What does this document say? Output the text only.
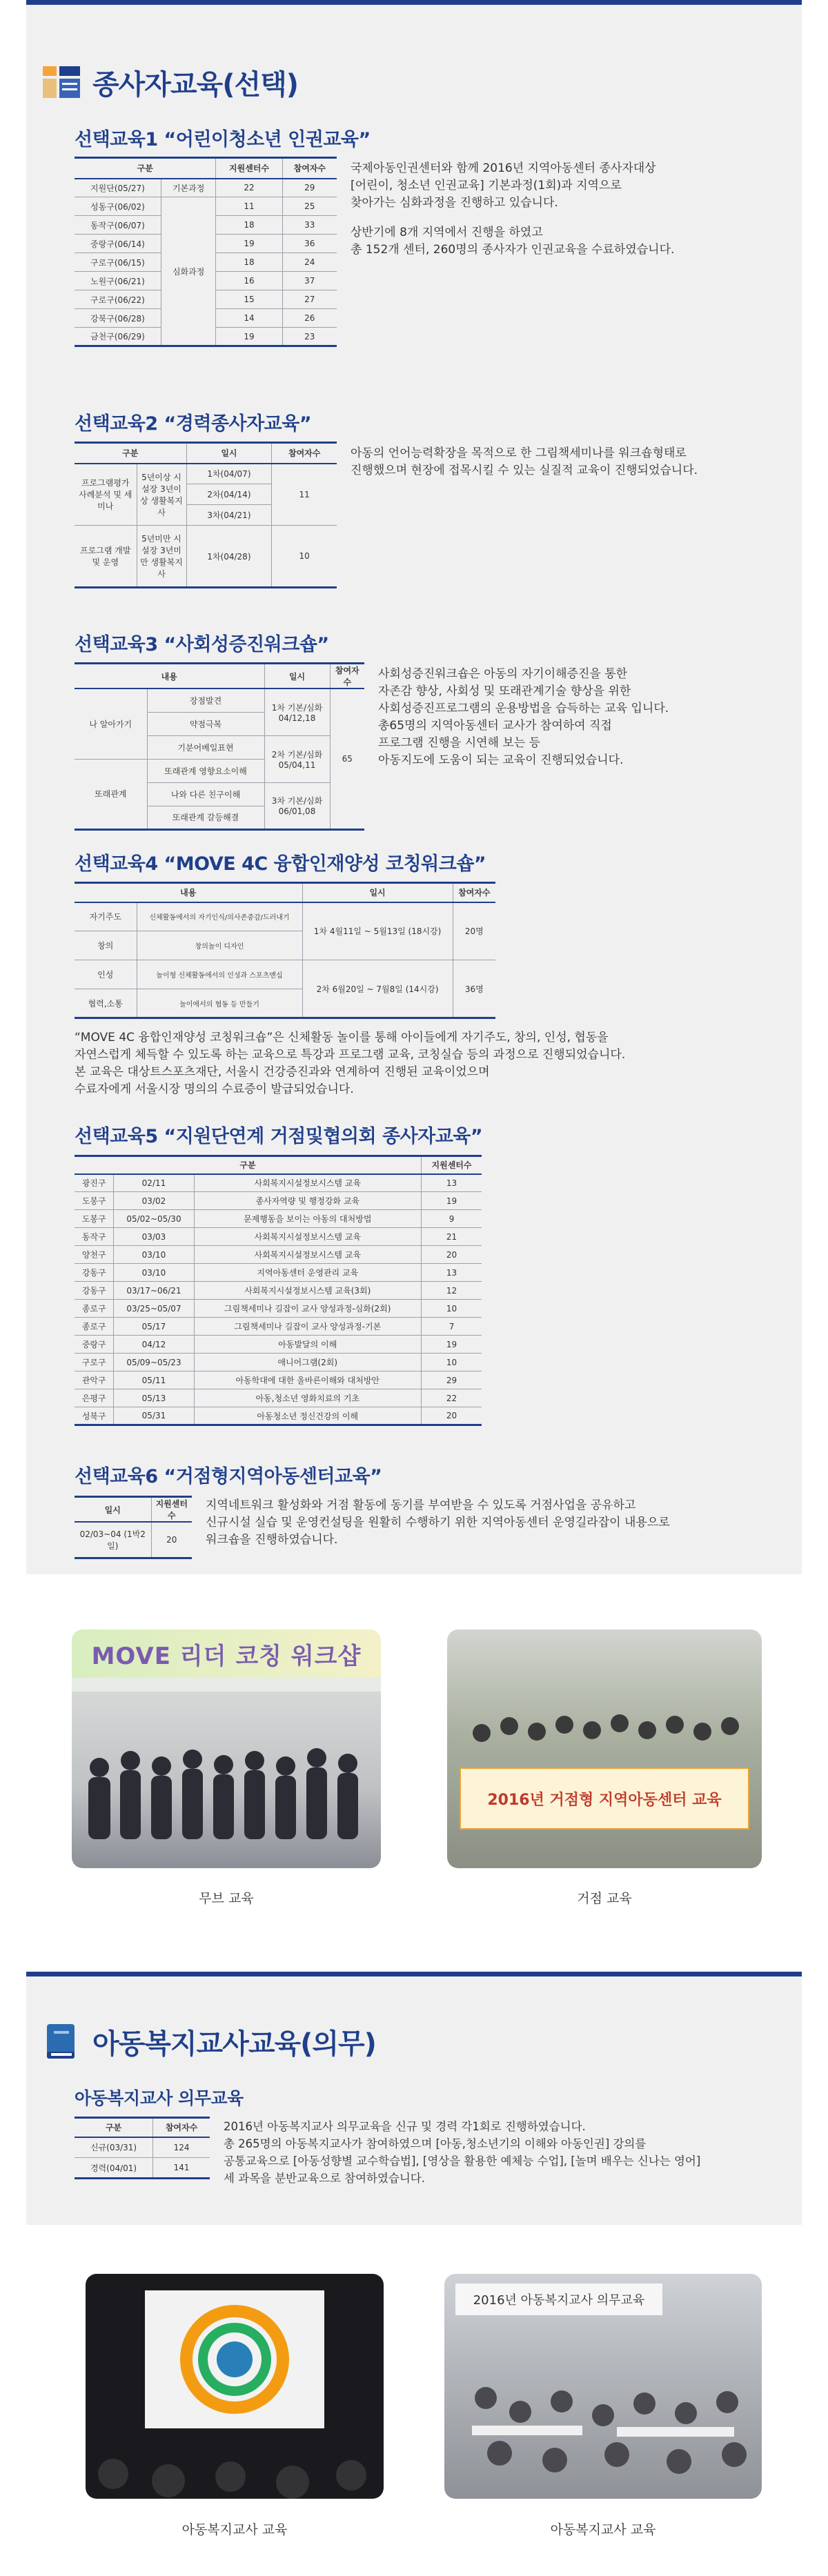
종사자교육(선택)
선택교육1 “어린이청소년 인권교육”
구분		지원센터수	참여자수
지원단(05/27)	기본과정	22	29
성동구(06/02)	심화과정	11	25
동작구(06/07)		18	33
중랑구(06/14)		19	36
구로구(06/15)		18	24
노원구(06/21)		16	37
구로구(06/22)		15	27
강북구(06/28)		14	26
금천구(06/29)		19	23

국제아동인권센터와 함께 2016년 지역아동센터 종사자대상

[어린이, 청소년 인권교육] 기본과정(1회)과 지역으로

찾아가는 심화과정을 진행하고 있습니다.

상반기에 8개 지역에서 진행을 하였고

총 152개 센터, 260명의 종사자가 인권교육을 수료하였습니다.

선택교육2 “경력종사자교육”
구분		일시	참여자수
프로그램평가 사례분석 및 세미나	5년이상 시설장 3년이상 생활복지사	1차(04/07)	11
		2차(04/14)	
		3차(04/21)	
프로그램 개발 및 운영	5년미만 시설장 3년미만 생활복지사	1차(04/28)	10

아동의 언어능력확장을 목적으로 한 그림책세미나를 워크숍형태로

진행했으며 현장에 접목시킬 수 있는 실질적 교육이 진행되었습니다.

선택교육3 “사회성증진워크숍”
내용		일시	참여자수
나 알아가기	장점발견	1차 기본/심화 04/12,18	65
	약점극복		
	기분어베일표현	2차 기본/심화 05/04,11	
또래관계	또래관계 영향요소이해		
	나와 다른 친구이해	3차 기본/심화 06/01,08	
	또래관계 갈등해결		

사회성증진워크숍은 아동의 자기이해증진을 통한

자존감 향상, 사회성 및 또래관계기술 향상을 위한

사회성증진프로그램의 운용방법을 습득하는 교육 입니다.

총65명의 지역아동센터 교사가 참여하여 직접

프로그램 진행을 시연해 보는 등

아동지도에 도움이 되는 교육이 진행되었습니다.

선택교육4 “MOVE 4C 융합인재양성 코칭워크숍”
내용		일시	참여자수
자기주도	신체활동에서의 자기인식/의사존중감/드러내기	1차 4월11일 ~ 5월13일 (18시강)	20명
창의	창의놀이 디자인		
인성	놀이형 신체활동에서의 인성과 스포츠맨십	2차 6월20일 ~ 7월8일 (14시강)	36명
협력,소통	놀이에서의 협동 등 만들기		

“MOVE 4C 융합인재양성 코칭워크숍”은 신체활동 놀이를 통해 아이들에게 자기주도, 창의, 인성, 협동을

자연스럽게 체득할 수 있도록 하는 교육으로 특강과 프로그램 교육, 코칭실습 등의 과정으로 진행되었습니다.

본 교육은 대상트스포츠재단, 서울시 건강증진과와 연계하여 진행된 교육이었으며

수료자에게 서울시장 명의의 수료증이 발급되었습니다.

선택교육5 “지원단연계 거점및협의회 종사자교육”
구분			지원센터수
광진구	02/11	사회복지시설정보시스템 교육	13
도봉구	03/02	종사자역량 및 행정강화 교육	19
도봉구	05/02~05/30	문제행동을 보이는 아동의 대처방법	9
동작구	03/03	사회복지시설정보시스템 교육	21
양천구	03/10	사회복지시설정보시스템 교육	20
강동구	03/10	지역아동센터 운영관리 교육	13
강동구	03/17~06/21	사회복지시설정보시스템 교육(3회)	12
종로구	03/25~05/07	그림책세미나 길잡이 교사 양성과정-심화(2회)	10
종로구	05/17	그림책세미나 길잡이 교사 양성과정-기본	7
중랑구	04/12	아동발달의 이해	19
구로구	05/09~05/23	애니어그램(2회)	10
관악구	05/11	아동학대에 대한 올바른이해와 대처방안	29
은평구	05/13	아동,청소년 영화치료의 기초	22
성북구	05/31	아동청소년 정신건강의 이해	20
선택교육6 “거점형지역아동센터교육”
일시	지원센터수
02/03~04 (1박2일)	20

지역네트워크 활성화와 거점 활동에 동기를 부여받을 수 있도록 거점사업을 공유하고

신규시설 실습 및 운영컨설팅을 원활히 수행하기 위한 지역아동센터 운영길라잡이 내용으로

워크숍을 진행하였습니다.

MOVE 리더 코칭 워크샵
무브 교육
2016년 거점형 지역아동센터 교육
거점 교육
아동복지교사교육(의무)
아동복지교사 의무교육
구분	참여자수
신규(03/31)	124
경력(04/01)	141

2016년 아동복지교사 의무교육을 신규 및 경력 각1회로 진행하였습니다.

총 265명의 아동복지교사가 참여하였으며 [아동,청소년기의 이해와 아동인권] 강의를

공통교육으로 [아동성향별 교수학습법], [영상을 활용한 예체능 수업], [놀며 배우는 신나는 영어]

세 과목을 분반교육으로 참여하였습니다.

아동복지교사 교육
2016년 아동복지교사 의무교육
아동복지교사 교육
